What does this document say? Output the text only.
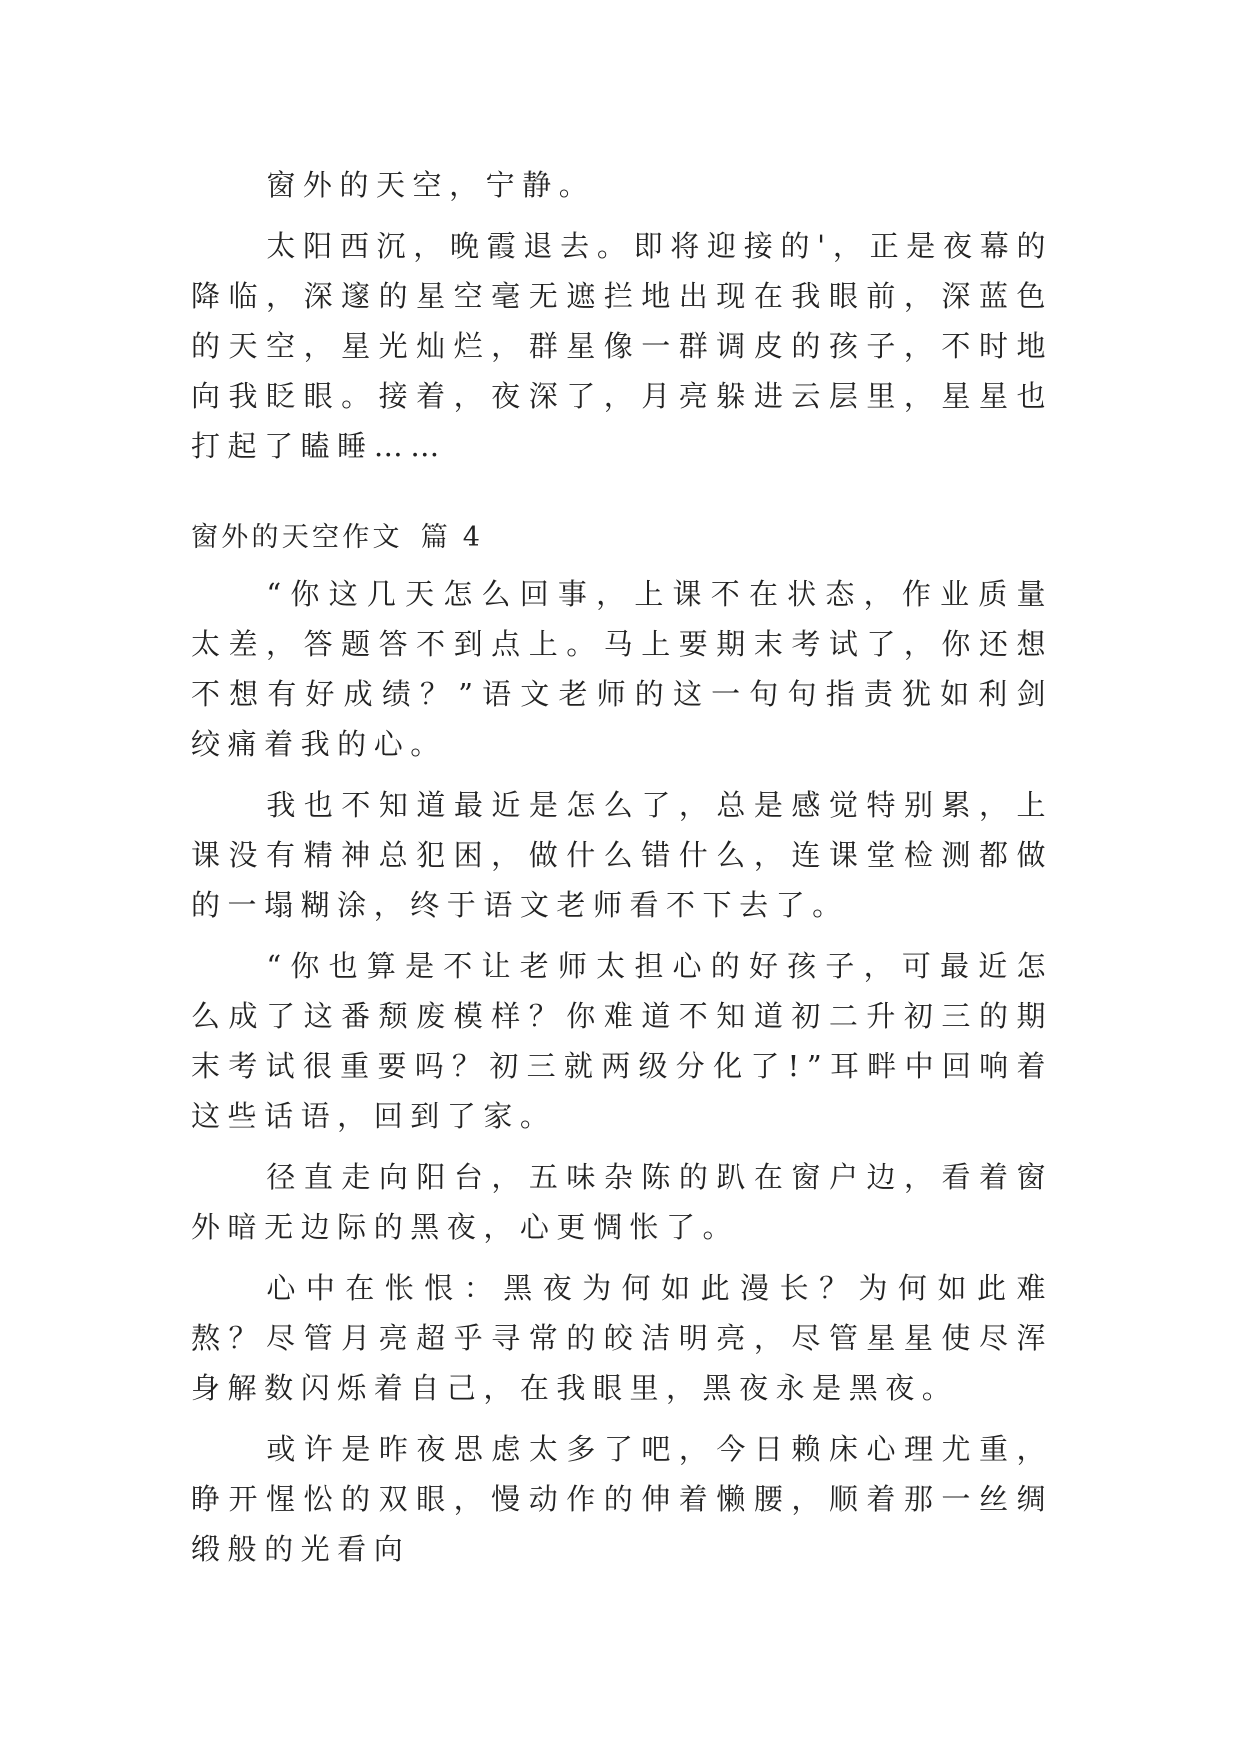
窗外的天空，宁静。

太阳西沉，晚霞退去。即将迎接的'，正是夜幕的降临，深邃的星空毫无遮拦地出现在我眼前，深蓝色的天空，星光灿烂，群星像一群调皮的孩子，不时地向我眨眼。接着，夜深了，月亮躲进云层里，星星也打起了瞌睡……

窗外的天空作文 篇 4

“你这几天怎么回事，上课不在状态，作业质量太差，答题答不到点上。马上要期末考试了，你还想不想有好成绩？”语文老师的这一句句指责犹如利剑绞痛着我的心。

我也不知道最近是怎么了，总是感觉特别累，上课没有精神总犯困，做什么错什么，连课堂检测都做的一塌糊涂，终于语文老师看不下去了。

“你也算是不让老师太担心的好孩子，可最近怎么成了这番颓废模样？你难道不知道初二升初三的期末考试很重要吗？初三就两级分化了!”耳畔中回响着这些话语，回到了家。

径直走向阳台，五味杂陈的趴在窗户边，看着窗外暗无边际的黑夜，心更惆怅了。

心中在怅恨：黑夜为何如此漫长？为何如此难熬？尽管月亮超乎寻常的皎洁明亮，尽管星星使尽浑身解数闪烁着自己，在我眼里，黑夜永是黑夜。

或许是昨夜思虑太多了吧，今日赖床心理尤重，睁开惺忪的双眼，慢动作的伸着懒腰，顺着那一丝绸缎般的光看向
